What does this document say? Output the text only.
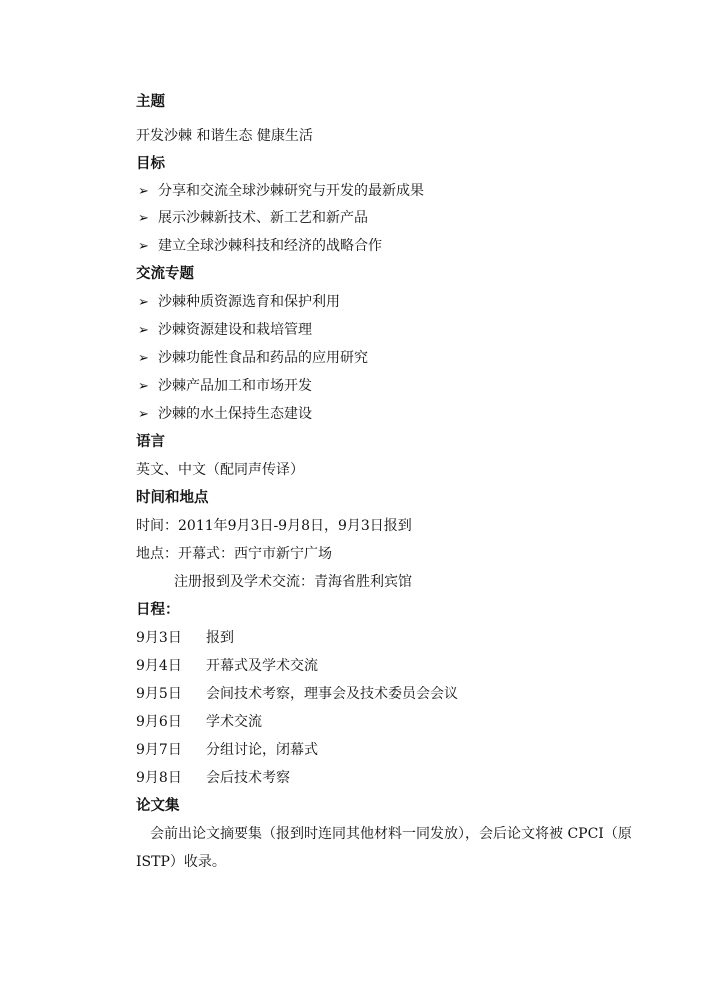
主题
开发沙棘 和谐生态 健康生活
目标
➢ 分享和交流全球沙棘研究与开发的最新成果
➢ 展示沙棘新技术、新工艺和新产品
➢ 建立全球沙棘科技和经济的战略合作
交流专题
➢ 沙棘种质资源选育和保护利用
➢ 沙棘资源建设和栽培管理
➢ 沙棘功能性食品和药品的应用研究
➢ 沙棘产品加工和市场开发
➢ 沙棘的水土保持生态建设
语言
英文、中文（配同声传译）
时间和地点
时间：2011年9月3日-9月8日，9月3日报到
地点：开幕式：西宁市新宁广场
注册报到及学术交流：青海省胜利宾馆
日程：
9月3日 报到
9月4日 开幕式及学术交流
9月5日 会间技术考察，理事会及技术委员会会议
9月6日 学术交流
9月7日 分组讨论，闭幕式
9月8日 会后技术考察
论文集
会前出论文摘要集（报到时连同其他材料一同发放），会后论文将被 CPCI（原
ISTP）收录。
